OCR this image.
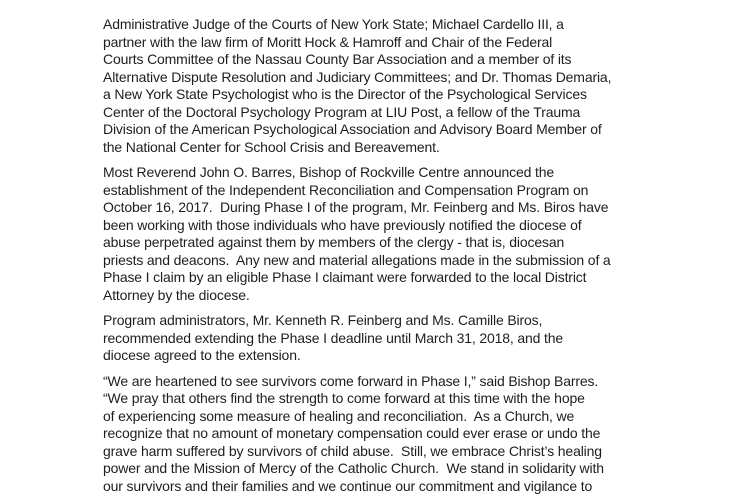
Administrative Judge of the Courts of New York State; Michael Cardello III, a
partner with the law firm of Moritt Hock & Hamroff and Chair of the Federal
Courts Committee of the Nassau County Bar Association and a member of its
Alternative Dispute Resolution and Judiciary Committees; and Dr. Thomas Demaria,
a New York State Psychologist who is the Director of the Psychological Services
Center of the Doctoral Psychology Program at LIU Post, a fellow of the Trauma
Division of the American Psychological Association and Advisory Board Member of
the National Center for School Crisis and Bereavement.

Most Reverend John O. Barres, Bishop of Rockville Centre announced the
establishment of the Independent Reconciliation and Compensation Program on
October 16, 2017.  During Phase I of the program, Mr. Feinberg and Ms. Biros have
been working with those individuals who have previously notified the diocese of
abuse perpetrated against them by members of the clergy - that is, diocesan
priests and deacons.  Any new and material allegations made in the submission of a
Phase I claim by an eligible Phase I claimant were forwarded to the local District
Attorney by the diocese.

Program administrators, Mr. Kenneth R. Feinberg and Ms. Camille Biros,
recommended extending the Phase I deadline until March 31, 2018, and the
diocese agreed to the extension.

“We are heartened to see survivors come forward in Phase I,” said Bishop Barres.
“We pray that others find the strength to come forward at this time with the hope
of experiencing some measure of healing and reconciliation.  As a Church, we
recognize that no amount of monetary compensation could ever erase or undo the
grave harm suffered by survivors of child abuse.  Still, we embrace Christ’s healing
power and the Mission of Mercy of the Catholic Church.  We stand in solidarity with
our survivors and their families and we continue our commitment and vigilance to
